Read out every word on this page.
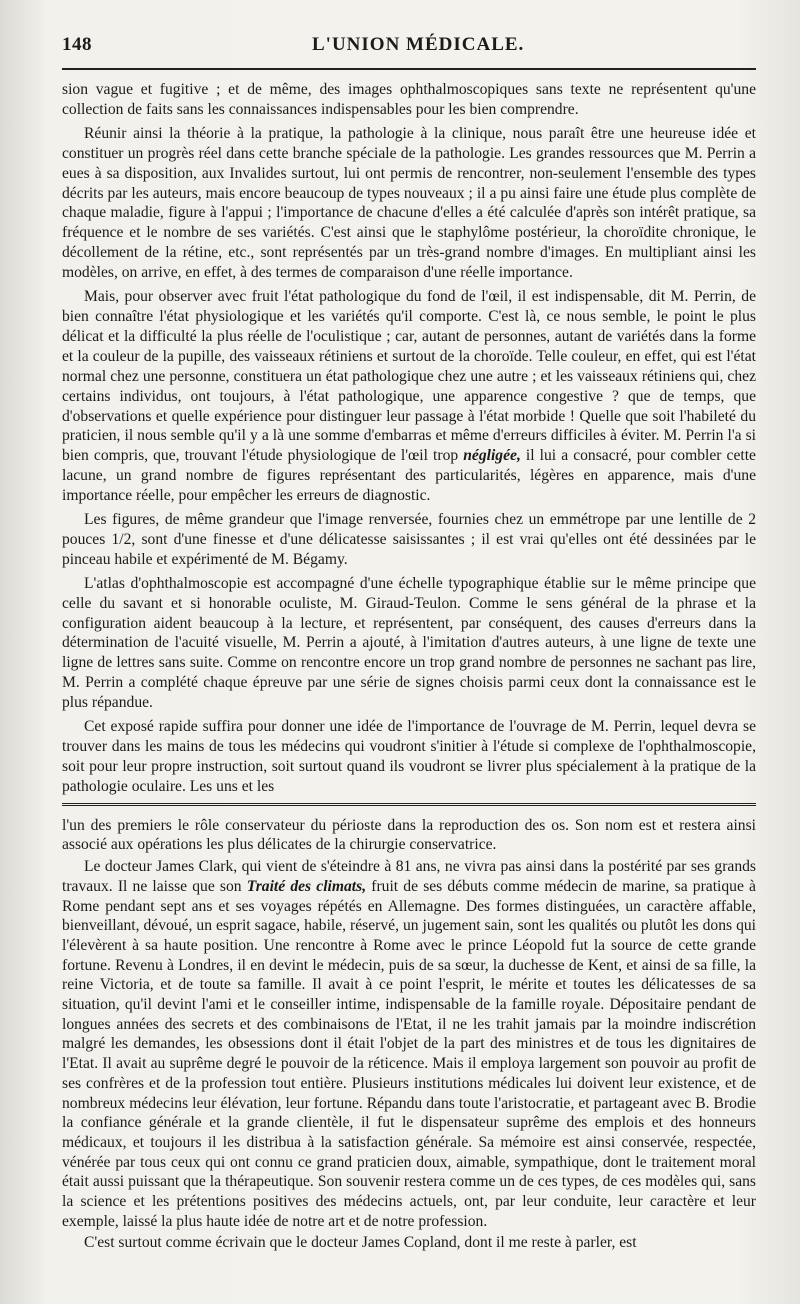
148	L'UNION MÉDICALE.

sion vague et fugitive ; et de même, des images ophthalmoscopiques sans texte ne représentent qu'une collection de faits sans les connaissances indispensables pour les bien comprendre.

Réunir ainsi la théorie à la pratique, la pathologie à la clinique, nous paraît être une heureuse idée et constituer un progrès réel dans cette branche spéciale de la pathologie. Les grandes ressources que M. Perrin a eues à sa disposition, aux Invalides surtout, lui ont permis de rencontrer, non-seulement l'ensemble des types décrits par les auteurs, mais encore beaucoup de types nouveaux ; il a pu ainsi faire une étude plus complète de chaque maladie, figure à l'appui ; l'importance de chacune d'elles a été calculée d'après son intérêt pratique, sa fréquence et le nombre de ses variétés. C'est ainsi que le staphylôme postérieur, la choroïdite chronique, le décollement de la rétine, etc., sont représentés par un très-grand nombre d'images. En multipliant ainsi les modèles, on arrive, en effet, à des termes de comparaison d'une réelle importance.

Mais, pour observer avec fruit l'état pathologique du fond de l'œil, il est indispensable, dit M. Perrin, de bien connaître l'état physiologique et les variétés qu'il comporte. C'est là, ce nous semble, le point le plus délicat et la difficulté la plus réelle de l'oculistique ; car, autant de personnes, autant de variétés dans la forme et la couleur de la pupille, des vaisseaux rétiniens et surtout de la choroïde. Telle couleur, en effet, qui est l'état normal chez une personne, constituera un état pathologique chez une autre ; et les vaisseaux rétiniens qui, chez certains individus, ont toujours, à l'état pathologique, une apparence congestive ? que de temps, que d'observations et quelle expérience pour distinguer leur passage à l'état morbide ! Quelle que soit l'habileté du praticien, il nous semble qu'il y a là une somme d'embarras et même d'erreurs difficiles à éviter. M. Perrin l'a si bien compris, que, trouvant l'étude physiologique de l'œil trop négligée, il lui a consacré, pour combler cette lacune, un grand nombre de figures représentant des particularités, légères en apparence, mais d'une importance réelle, pour empêcher les erreurs de diagnostic.

Les figures, de même grandeur que l'image renversée, fournies chez un emmétrope par une lentille de 2 pouces 1/2, sont d'une finesse et d'une délicatesse saisissantes ; il est vrai qu'elles ont été dessinées par le pinceau habile et expérimenté de M. Bégamy.

L'atlas d'ophthalmoscopie est accompagné d'une échelle typographique établie sur le même principe que celle du savant et si honorable oculiste, M. Giraud-Teulon. Comme le sens général de la phrase et la configuration aident beaucoup à la lecture, et représentent, par conséquent, des causes d'erreurs dans la détermination de l'acuité visuelle, M. Perrin a ajouté, à l'imitation d'autres auteurs, à une ligne de texte une ligne de lettres sans suite. Comme on rencontre encore un trop grand nombre de personnes ne sachant pas lire, M. Perrin a complété chaque épreuve par une série de signes choisis parmi ceux dont la connaissance est le plus répandue.

Cet exposé rapide suffira pour donner une idée de l'importance de l'ouvrage de M. Perrin, lequel devra se trouver dans les mains de tous les médecins qui voudront s'initier à l'étude si complexe de l'ophthalmoscopie, soit pour leur propre instruction, soit surtout quand ils voudront se livrer plus spécialement à la pratique de la pathologie oculaire. Les uns et les

l'un des premiers le rôle conservateur du périoste dans la reproduction des os. Son nom est et restera ainsi associé aux opérations les plus délicates de la chirurgie conservatrice.

Le docteur James Clark, qui vient de s'éteindre à 81 ans, ne vivra pas ainsi dans la postérité par ses grands travaux. Il ne laisse que son Traité des climats, fruit de ses débuts comme médecin de marine, sa pratique à Rome pendant sept ans et ses voyages répétés en Allemagne. Des formes distinguées, un caractère affable, bienveillant, dévoué, un esprit sagace, habile, réservé, un jugement sain, sont les qualités ou plutôt les dons qui l'élevèrent à sa haute position. Une rencontre à Rome avec le prince Léopold fut la source de cette grande fortune. Revenu à Londres, il en devint le médecin, puis de sa sœur, la duchesse de Kent, et ainsi de sa fille, la reine Victoria, et de toute sa famille. Il avait à ce point l'esprit, le mérite et toutes les délicatesses de sa situation, qu'il devint l'ami et le conseiller intime, indispensable de la famille royale. Dépositaire pendant de longues années des secrets et des combinaisons de l'Etat, il ne les trahit jamais par la moindre indiscrétion malgré les demandes, les obsessions dont il était l'objet de la part des ministres et de tous les dignitaires de l'Etat. Il avait au suprême degré le pouvoir de la réticence. Mais il employa largement son pouvoir au profit de ses confrères et de la profession tout entière. Plusieurs institutions médicales lui doivent leur existence, et de nombreux médecins leur élévation, leur fortune. Répandu dans toute l'aristocratie, et partageant avec B. Brodie la confiance générale et la grande clientèle, il fut le dispensateur suprême des emplois et des honneurs médicaux, et toujours il les distribua à la satisfaction générale. Sa mémoire est ainsi conservée, respectée, vénérée par tous ceux qui ont connu ce grand praticien doux, aimable, sympathique, dont le traitement moral était aussi puissant que la thérapeutique. Son souvenir restera comme un de ces types, de ces modèles qui, sans la science et les prétentions positives des médecins actuels, ont, par leur conduite, leur caractère et leur exemple, laissé la plus haute idée de notre art et de notre profession.

C'est surtout comme écrivain que le docteur James Copland, dont il me reste à parler, est
